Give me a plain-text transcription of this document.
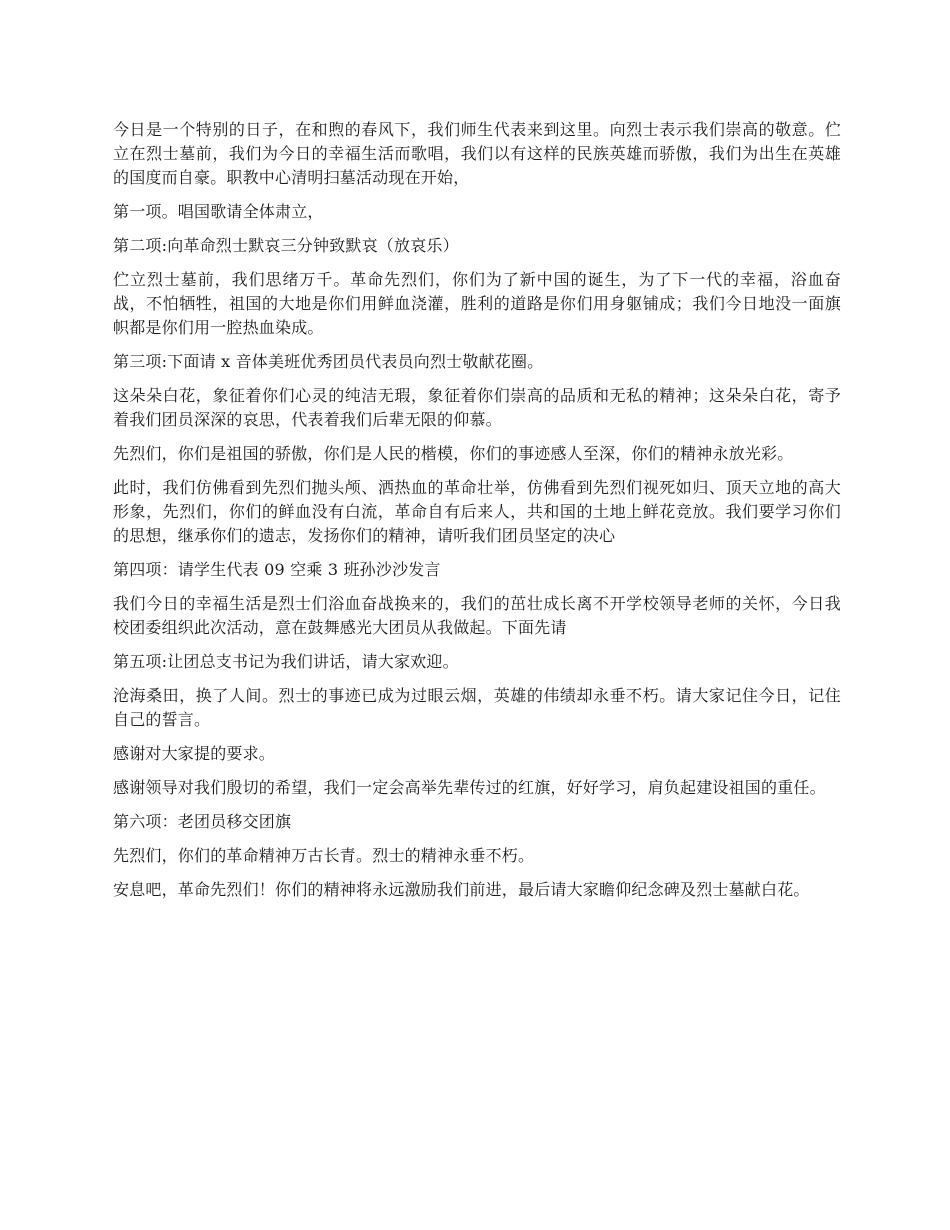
今日是一个特别的日子，在和煦的春风下，我们师生代表来到这里。向烈士表示我们崇高的敬意。伫立在烈士墓前，我们为今日的幸福生活而歌唱，我们以有这样的民族英雄而骄傲，我们为出生在英雄的国度而自豪。职教中心清明扫墓活动现在开始，

第一项。唱国歌请全体肃立，

第二项:向革命烈士默哀三分钟致默哀（放哀乐）

伫立烈士墓前，我们思绪万千。革命先烈们，你们为了新中国的诞生，为了下一代的幸福，浴血奋战，不怕牺牲，祖国的大地是你们用鲜血浇灌，胜利的道路是你们用身躯铺成；我们今日地没一面旗帜都是你们用一腔热血染成。

第三项:下面请 x 音体美班优秀团员代表员向烈士敬献花圈。

这朵朵白花，象征着你们心灵的纯洁无瑕，象征着你们崇高的品质和无私的精神；这朵朵白花，寄予着我们团员深深的哀思，代表着我们后辈无限的仰慕。

先烈们，你们是祖国的骄傲，你们是人民的楷模，你们的事迹感人至深，你们的精神永放光彩。

此时，我们仿佛看到先烈们抛头颅、洒热血的革命壮举，仿佛看到先烈们视死如归、顶天立地的高大形象，先烈们，你们的鲜血没有白流，革命自有后来人，共和国的土地上鲜花竞放。我们要学习你们的思想，继承你们的遗志，发扬你们的精神，请听我们团员坚定的决心

第四项：请学生代表 09 空乘 3 班孙沙沙发言

我们今日的幸福生活是烈士们浴血奋战换来的，我们的茁壮成长离不开学校领导老师的关怀，今日我校团委组织此次活动，意在鼓舞感光大团员从我做起。下面先请

第五项:让团总支书记为我们讲话，请大家欢迎。

沧海桑田，换了人间。烈士的事迹已成为过眼云烟，英雄的伟绩却永垂不朽。请大家记住今日，记住自己的誓言。

感谢对大家提的要求。

感谢领导对我们殷切的希望，我们一定会高举先辈传过的红旗，好好学习，肩负起建设祖国的重任。

第六项：老团员移交团旗

先烈们，你们的革命精神万古长青。烈士的精神永垂不朽。

安息吧，革命先烈们！你们的精神将永远激励我们前进，最后请大家瞻仰纪念碑及烈士墓献白花。
